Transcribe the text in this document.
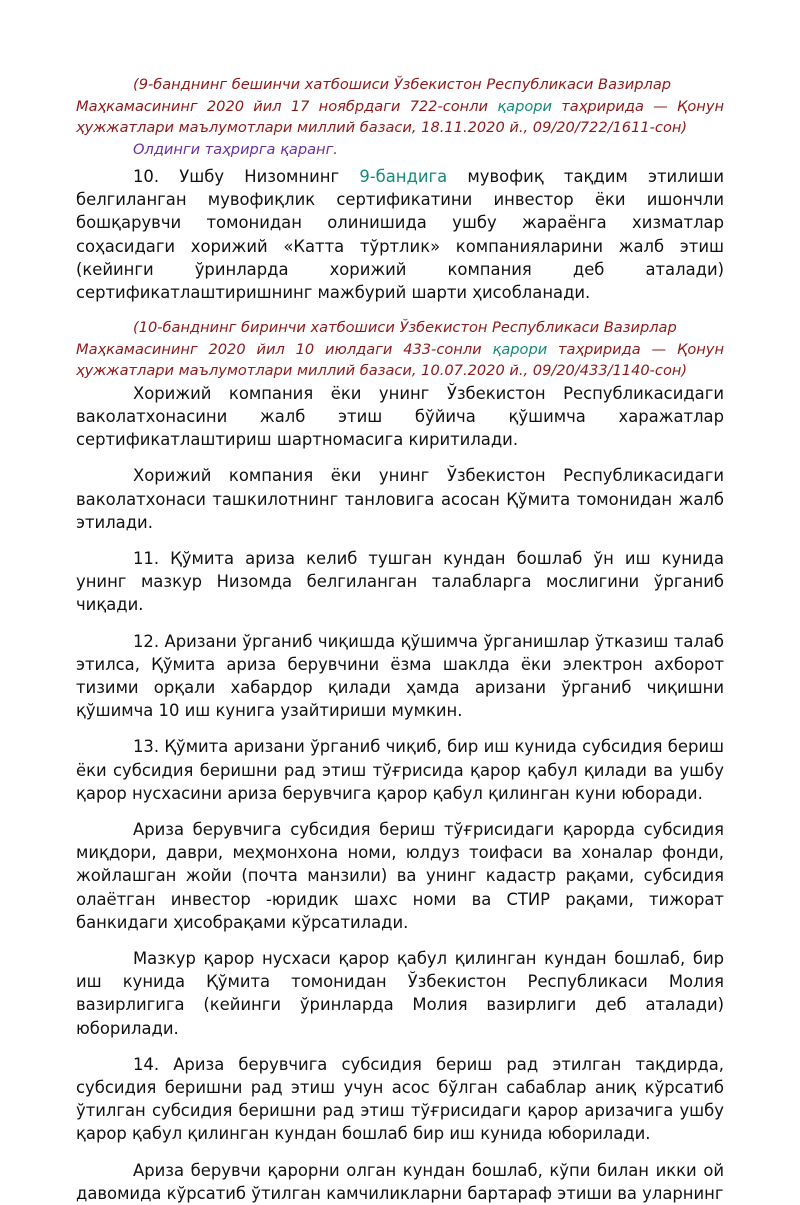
(9-банднинг бешинчи хатбошиси Ўзбекистон Республикаси Вазирлар
Маҳкамасининг 2020 йил 17 ноябрдаги 722-сонли қарори таҳририда — Қонун ҳужжатлари маълумотлари миллий базаси, 18.11.2020 й., 09/20/722/1611-сон)
Олдинги таҳрирга қаранг.

10. Ушбу Низомнинг 9-бандига мувофиқ тақдим этилиши белгиланган мувофиқлик сертификатини инвестор ёки ишончли бошқарувчи томонидан олинишида ушбу жараёнга хизматлар соҳасидаги хорижий «Катта тўртлик» компанияларини жалб этиш (кейинги ўринларда хорижий компания деб аталади) сертификатлаштиришнинг мажбурий шарти ҳисобланади.

(10-банднинг биринчи хатбошиси Ўзбекистон Республикаси Вазирлар
Маҳкамасининг 2020 йил 10 июлдаги 433-сонли қарори таҳририда — Қонун ҳужжатлари маълумотлари миллий базаси, 10.07.2020 й., 09/20/433/1140-сон)

Хорижий компания ёки унинг Ўзбекистон Республикасидаги ваколатхонасини жалб этиш бўйича қўшимча харажатлар сертификатлаштириш шартномасига киритилади.

Хорижий компания ёки унинг Ўзбекистон Республикасидаги ваколатхонаси ташкилотнинг танловига асосан Қўмита томонидан жалб этилади.

11. Қўмита ариза келиб тушган кундан бошлаб ўн иш кунида унинг мазкур Низомда белгиланган талабларга мослигини ўрганиб чиқади.

12. Аризани ўрганиб чиқишда қўшимча ўрганишлар ўтказиш талаб этилса, Қўмита ариза берувчини ёзма шаклда ёки электрон ахборот тизими орқали хабардор қилади ҳамда аризани ўрганиб чиқишни қўшимча 10 иш кунига узайтириши мумкин.

13. Қўмита аризани ўрганиб чиқиб, бир иш кунида субсидия бериш ёки субсидия беришни рад этиш тўғрисида қарор қабул қилади ва ушбу қарор нусхасини ариза берувчига қарор қабул қилинган куни юборади.

Ариза берувчига субсидия бериш тўғрисидаги қарорда субсидия миқдори, даври, меҳмонхона номи, юлдуз тоифаси ва хоналар фонди, жойлашган жойи (почта манзили) ва унинг кадастр рақами, субсидия олаётган инвестор -юридик шахс номи ва СТИР рақами, тижорат банкидаги ҳисобрақами кўрсатилади.

Мазкур қарор нусхаси қарор қабул қилинган кундан бошлаб, бир иш кунида Қўмита томонидан Ўзбекистон Республикаси Молия вазирлигига (кейинги ўринларда Молия вазирлиги деб аталади) юборилади.

14. Ариза берувчига субсидия бериш рад этилган тақдирда, субсидия беришни рад этиш учун асос бўлган сабаблар аниқ кўрсатиб ўтилган субсидия беришни рад этиш тўғрисидаги қарор аризачига ушбу қарор қабул қилинган кундан бошлаб бир иш кунида юборилади.

Ариза берувчи қарорни олган кундан бошлаб, кўпи билан икки ой давомида кўрсатиб ўтилган камчиликларни бартараф этиши ва уларнинг
